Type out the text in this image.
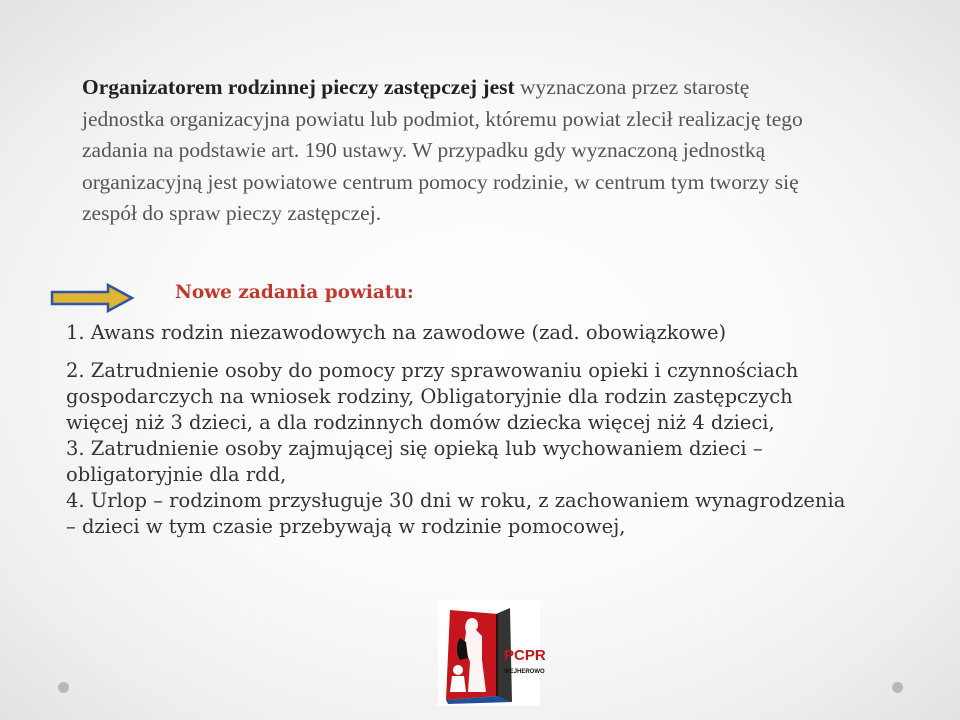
Organizatorem rodzinnej pieczy zastępczej jest wyznaczona przez starostę jednostka organizacyjna powiatu lub podmiot, któremu powiat zlecił realizację tego zadania na podstawie art. 190 ustawy. W przypadku gdy wyznaczoną jednostką organizacyjną jest powiatowe centrum pomocy rodzinie, w centrum tym tworzy się zespół do spraw pieczy zastępczej.

Nowe zadania powiatu:

1. Awans rodzin niezawodowych na zawodowe (zad. obowiązkowe)
2. Zatrudnienie osoby do pomocy przy sprawowaniu opieki i czynnościach gospodarczych na wniosek rodziny, Obligatoryjnie dla rodzin zastępczych więcej niż 3 dzieci, a dla rodzinnych domów dziecka więcej niż 4 dzieci,
3. Zatrudnienie osoby zajmującej się opieką lub wychowaniem dzieci – obligatoryjnie dla rdd,
4. Urlop – rodzinom przysługuje 30 dni w roku, z zachowaniem wynagrodzenia – dzieci w tym czasie przebywają w rodzinie pomocowej,
PCPR
WEJHEROWO
